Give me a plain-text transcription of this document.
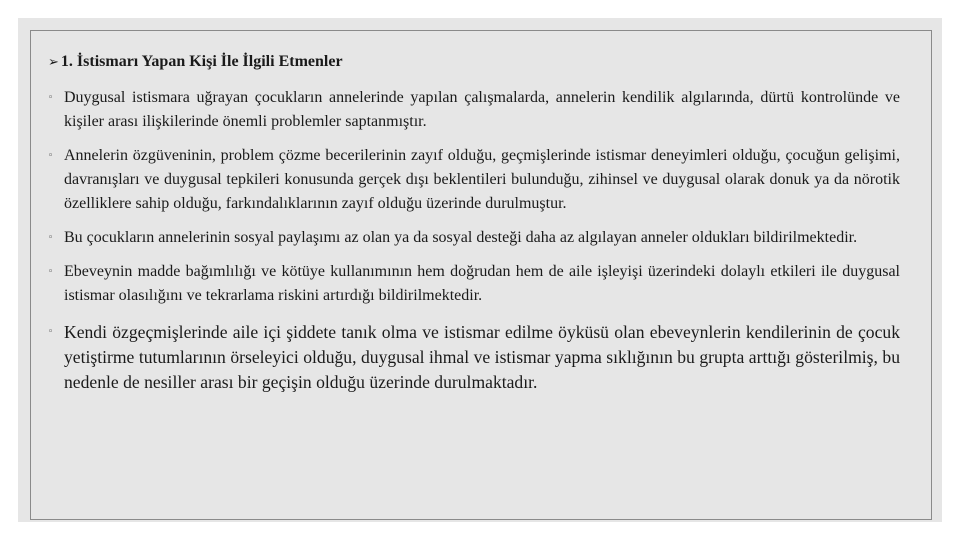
➢ 1. İstismarı Yapan Kişi İle İlgili Etmenler
◦ Duygusal istismara uğrayan çocukların annelerinde yapılan çalışmalarda, annelerin kendilik algılarında, dürtü kontrolünde ve kişiler arası ilişkilerinde önemli problemler saptanmıştır.
◦ Annelerin özgüveninin, problem çözme becerilerinin zayıf olduğu, geçmişlerinde istismar deneyimleri olduğu, çocuğun gelişimi, davranışları ve duygusal tepkileri konusunda gerçek dışı beklentileri bulunduğu, zihinsel ve duygusal olarak donuk ya da nörotik özelliklere sahip olduğu, farkındalıklarının zayıf olduğu üzerinde durulmuştur.
◦ Bu çocukların annelerinin sosyal paylaşımı az olan ya da sosyal desteği daha az algılayan anneler oldukları bildirilmektedir.
◦ Ebeveynin madde bağımlılığı ve kötüye kullanımının hem doğrudan hem de aile işleyişi üzerindeki dolaylı etkileri ile duygusal istismar olasılığını ve tekrarlama riskini artırdığı bildirilmektedir.
◦ Kendi özgeçmişlerinde aile içi şiddete tanık olma ve istismar edilme öyküsü olan ebeveynlerin kendilerinin de çocuk yetiştirme tutumlarının örseleyici olduğu, duygusal ihmal ve istismar yapma sıklığının bu grupta arttığı gösterilmiş, bu nedenle de nesiller arası bir geçişin olduğu üzerinde durulmaktadır.
